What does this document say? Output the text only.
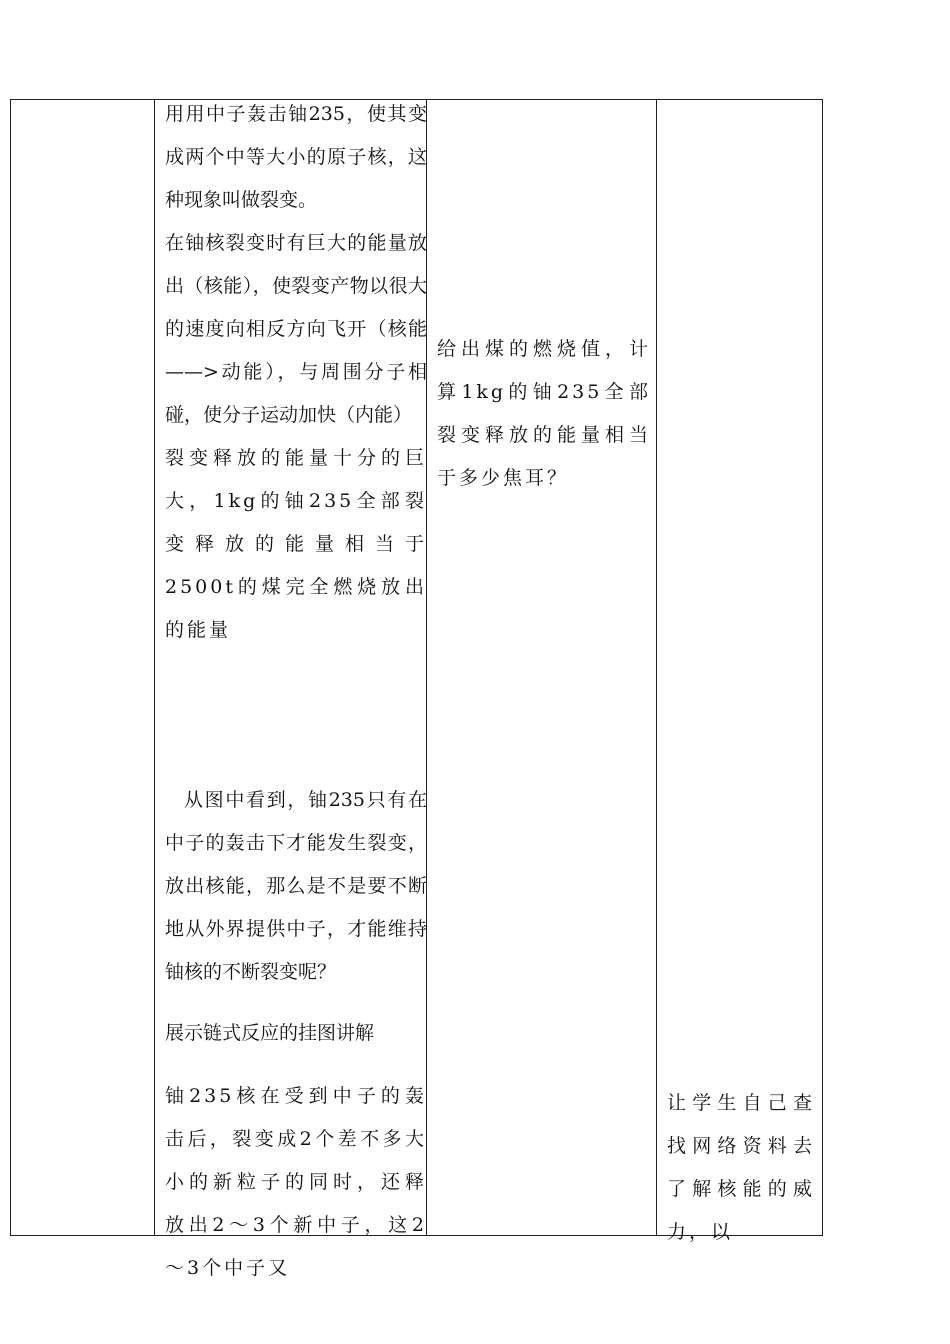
用用中子轰击铀235，使其变成两个中等大小的原子核，这种现象叫做裂变。

在铀核裂变时有巨大的能量放出（核能），使裂变产物以很大的速度向相反方向飞开（核能——>动能），与周围分子相碰，使分子运动加快（内能）

裂变释放的能量十分的巨大，1kg的铀235全部裂变释放的能量相当于2500t的煤完全燃烧放出的能量

从图中看到，铀235只有在中子的轰击下才能发生裂变，放出核能，那么是不是要不断地从外界提供中子，才能维持铀核的不断裂变呢？

展示链式反应的挂图讲解

铀235核在受到中子的轰击后，裂变成2个差不多大小的新粒子的同时，还释放出2～3个新中子，这2～3个中子又

给出煤的燃烧值，计算1kg的铀235全部裂变释放的能量相当于多少焦耳？

让学生自己查找网络资料去了解核能的威力，以
